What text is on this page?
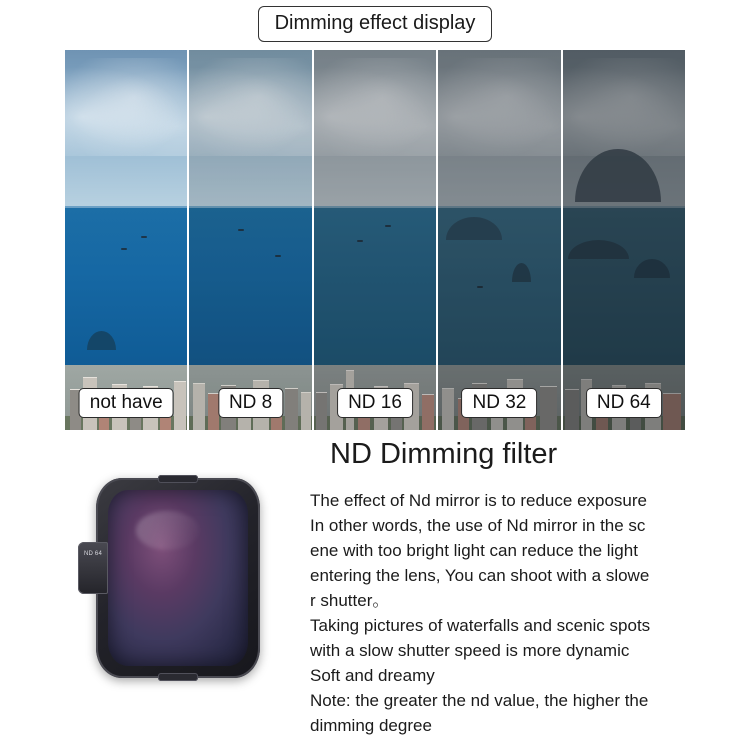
Dimming effect display
not have	ND 8	ND 16	ND 32	ND 64
ND Dimming filter
ND 64

The effect of Nd mirror is to reduce exposure

In other words, the use of Nd mirror in the sc

ene with too bright light can reduce the light

entering the lens, You can shoot with a slowe

r shutter。

Taking pictures of waterfalls and scenic spots

with a slow shutter speed is more dynamic

Soft and dreamy

Note: the greater the nd value, the higher the

dimming degree
